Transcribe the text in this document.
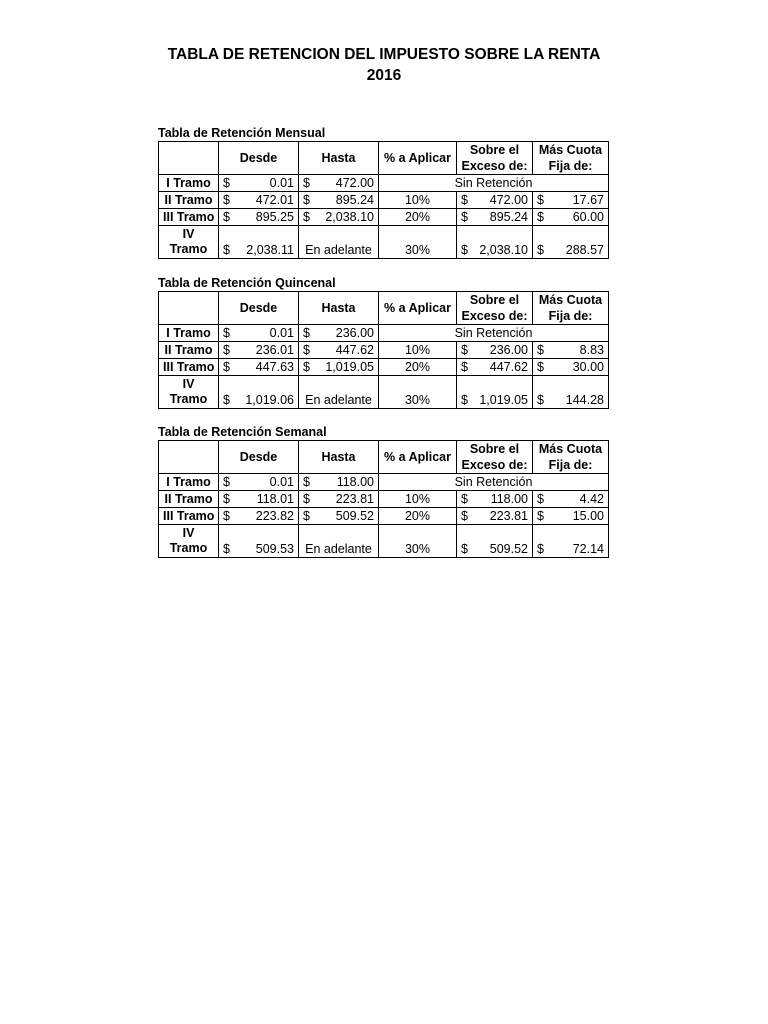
TABLA DE RETENCION DEL IMPUESTO SOBRE LA RENTA
2016
Tabla de Retención Mensual
	Desde	Hasta	% a Aplicar	Sobre el Exceso de:	Más Cuota Fija de:
I Tramo	$ 0.01	$ 472.00	Sin Retención		
II Tramo	$ 472.01	$ 895.24	10%	$ 472.00	$ 17.67

III Tramo	$ 895.25	$ 2,038.10	20%	$ 895.24	$ 60.00

IV Tramo	$ 2,038.11	En adelante	30%	$ 2,038.10	$ 288.57
Tabla de Retención Quincenal
	Desde	Hasta	% a Aplicar	Sobre el Exceso de:	Más Cuota Fija de:
I Tramo	$ 0.01	$ 236.00	Sin Retención		
II Tramo	$ 236.01	$ 447.62	10%	$ 236.00	$ 8.83

III Tramo	$ 447.63	$ 1,019.05	20%	$ 447.62	$ 30.00

IV Tramo	$ 1,019.06	En adelante	30%	$ 1,019.05	$ 144.28
Tabla de Retención Semanal
	Desde	Hasta	% a Aplicar	Sobre el Exceso de:	Más Cuota Fija de:
I Tramo	$ 0.01	$ 118.00	Sin Retención		
II Tramo	$ 118.01	$ 223.81	10%	$ 118.00	$ 4.42

III Tramo	$ 223.82	$ 509.52	20%	$ 223.81	$ 15.00

IV Tramo	$ 509.53	En adelante	30%	$ 509.52	$ 72.14
